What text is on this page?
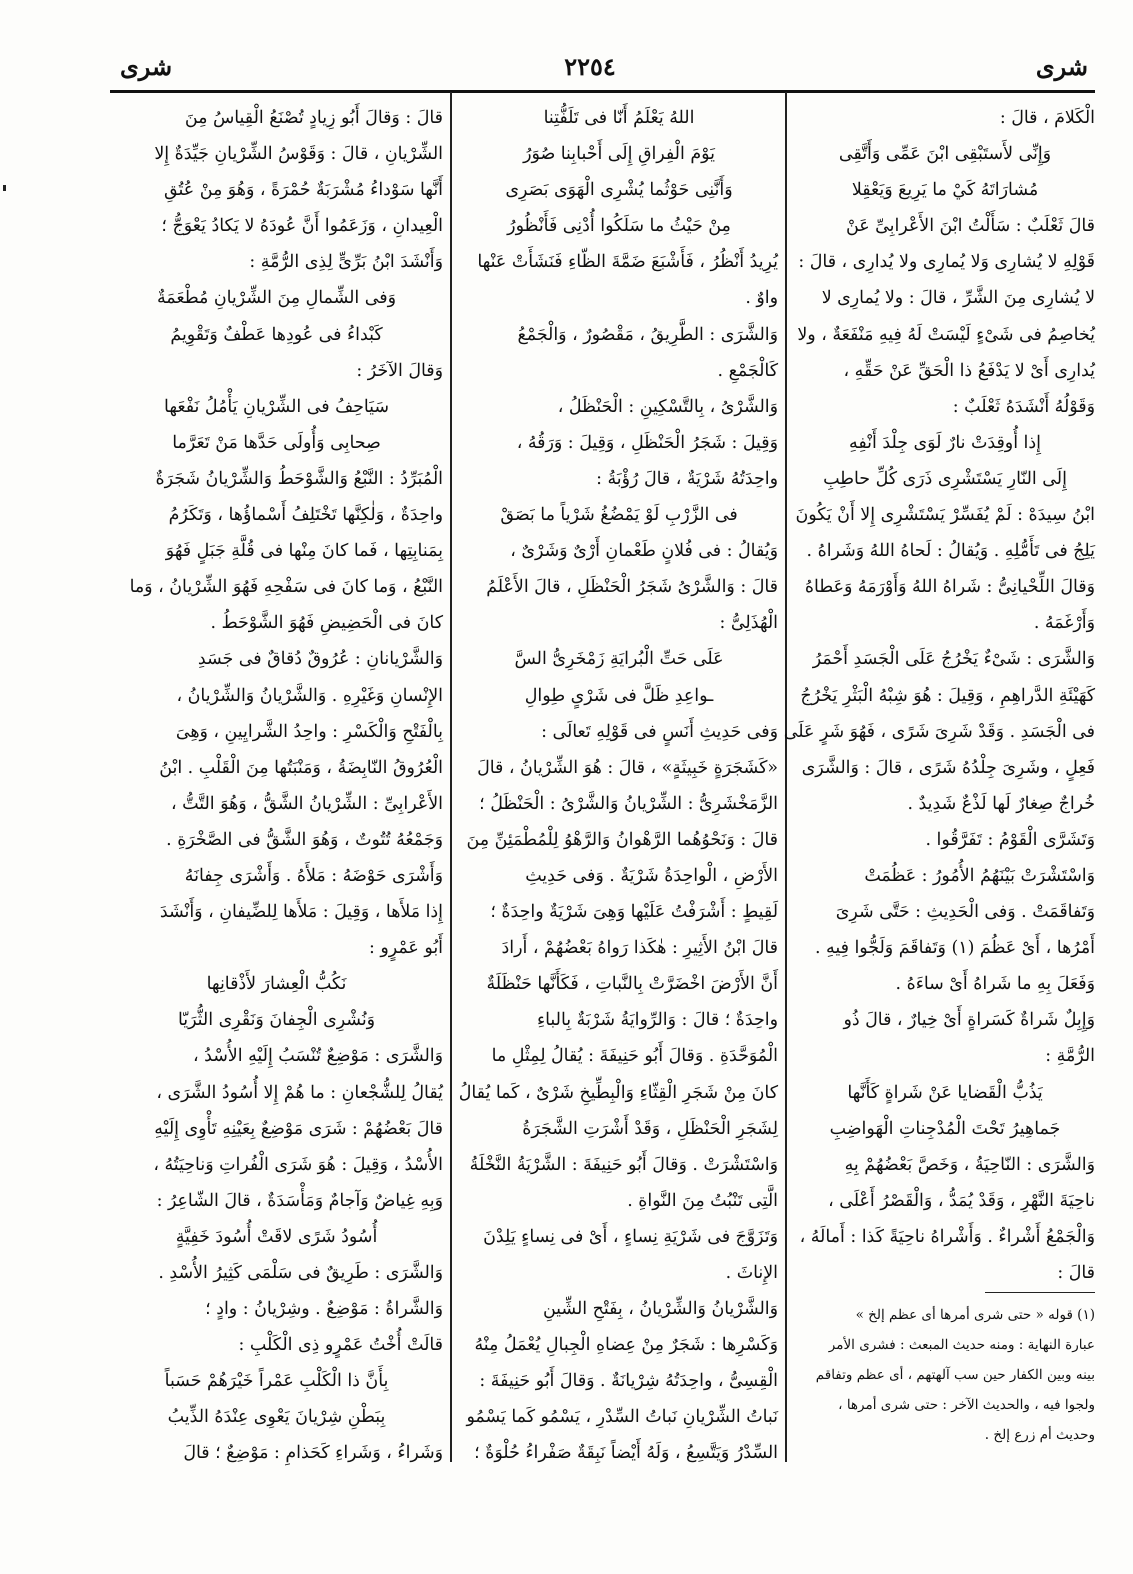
شرى
٢٢٥٤
شرى
الْكَلامَ ، قالَ :
وَإِنِّى لأَستَبْقِى ابْنَ عَمِّى وَأَتَّقِى
مُشارَاتَهُ كَيْ ما يَرِيعَ وَيَعْقِلا
قالَ ثَعْلَبٌ : سَأَلْتُ ابْنَ الأَعْرابِىِّ عَنْ
قَوْلِهِ لا يُشارِى وَلا يُمارِى ولا يُدارِى ، قالَ :
لا يُشارِى مِنَ الشَّرِّ ، قالَ : ولا يُمارِى لا
يُخاصِمُ فى شَىْءٍ لَيْسَتْ لَهُ فِيهِ مَنْفَعَةٌ ، ولا
يُدارِى أَىْ لا يَدْفَعُ ذا الْحَقِّ عَنْ حَقِّهِ ،
وَقَوْلُهُ أَنْشَدَهُ ثَعْلَبٌ :
إِذا أُوقِدَتْ نارٌ لَوَى جِلْدَ أَنْفِهِ
إِلَى النّارِ يَسْتَشْرِى ذَرَى كُلِّ حاطِبِ
ابْنُ سِيدَهْ : لَمْ يُفَسِّرْ يَسْتَشْرِى إِلا أَنْ يَكُونَ
يَلِجُ فى تَأَمُّلِهِ . وَيُقالُ : لَحاهُ اللهُ وَشَراهُ .
وَقالَ اللِّحْيانِىُّ : شَراهُ اللهُ وَأَوْرَمَهُ وَعَطاهُ
وَأَرْغَمَهُ .
وَالشَّرَى : شَىْءٌ يَخْرُجُ عَلَى الْجَسَدِ أَحْمَرُ
كَهَيْئَةِ الدَّراهِمِ ، وَقِيلَ : هُوَ شِبْهُ الْبَثْرِ يَخْرُجُ
فى الْجَسَدِ . وَقَدْ شَرِىَ شَرًى ، فَهُوَ شَرٍ عَلَى
فَعِلٍ ، وشَرِىَ جِلْدُهُ شَرًى ، قالَ : وَالشَّرَى
خُراجٌ صِغارٌ لَها لَذْعٌ شَدِيدٌ .
وَتَشَرَّى الْقَوْمُ : تَفَرَّقُوا .
وَاسْتَشْرَتْ بَيْنَهُمُ الأُمُورُ : عَظُمَتْ
وَتَفاقَمَتْ . وَفى الْحَدِيثِ : حَتَّى شَرِىَ
أَمْرُها ، أَىْ عَظُمَ (١) وَتَفاقَمَ وَلَجُّوا فِيهِ .
وَفَعَلَ بِهِ ما شَراهُ أَىْ ساءَهُ .
وَإِبِلٌ شَراةٌ كَسَراةٍ أَىْ خِيارٌ ، قالَ ذُو
الرُّمَّةِ :
يَذُبُّ الْقَضايا عَنْ شَراةٍ كَأَنَّها
جَماهِيرُ تَحْتَ الْمُدْجِناتِ الْهَواضِبِ
وَالشَّرَى : النّاحِيَةُ ، وَخَصَّ بَعْضُهُمْ بِهِ
ناحِيَةَ النَّهْرِ ، وَقَدْ يُمَدُّ ، وَالْقَصْرُ أَعْلَى ،
وَالْجَمْعُ أَشْراءٌ . وَأَشْراهُ ناحِيَةً كَذا : أَمالَهُ ،
قالَ :
اللهُ يَعْلَمُ أَنّا فى تَلَفُّتِنا
يَوْمَ الْفِراقِ إِلَى أَحْبابِنا صُوَرُ
وَأَنَّنِى حَوْثُما يُشْرِى الْهَوَى بَصَرِى
مِنْ حَيْثُ ما سَلَكُوا أُدْنِى فَأَنْظُورُ
يُرِيدُ أَنْظُرُ ، فَأَشْبَعَ ضَمَّةَ الظّاءِ فَنَشَأَتْ عَنْها
واوٌ .
وَالشَّرَى : الطَّرِيقُ ، مَقْصُورٌ ، وَالْجَمْعُ
كَالْجَمْعِ .
وَالشَّرْىُ ، بِالتَّسْكِينِ : الْحَنْظَلُ ،
وَقِيلَ : شَجَرُ الْحَنْظَلِ ، وَقِيلَ : وَرَقُهُ ،
واحِدَتُهُ شَرْيَةٌ ، قالَ رُؤْبَةُ :
فى الزَّرْبِ لَوْ يَمْضُغُ شَرْياً ما بَصَقْ
وَيُقالُ : فى فُلانٍ طَعْمانِ أَرْىٌ وَشَرْىٌ ،
قالَ : وَالشَّرْىُ شَجَرُ الْحَنْظَلِ ، قالَ الأَعْلَمُ
الْهُذَلِىُّ :
عَلَى حَتِّ الْبُرايَةِ زَمْخَرِىُّ السَّ
ـواعِدِ ظَلَّ فى شَرْىٍ طِوالِ
وَفى حَدِيثِ أَنَسٍ فى قَوْلِهِ تَعالَى :
«كَشَجَرَةٍ خَبِيثَةٍ» ، قالَ : هُوَ الشِّرْيانُ ، قالَ
الزَّمَخْشَرِىُّ : الشِّرْيانُ وَالشَّرْىُ : الْحَنْظَلُ ؛
قالَ : وَنَحْوُهُما الرَّهْوانُ وَالرَّهْوُ لِلْمُطْمَئِنِّ مِنَ
الأَرْضِ ، الْواحِدَةُ شَرْيَةٌ . وَفى حَدِيثِ
لَقِيطٍ : أَشْرَفْتُ عَلَيْها وَهِىَ شَرْيَةٌ واحِدَةٌ ؛
قالَ ابْنُ الأَثِيرِ : هٰكَذا رَواهُ بَعْضُهُمْ ، أَرادَ
أَنَّ الأَرْضَ اخْضَرَّتْ بِالنَّباتِ ، فَكَأَنَّها حَنْظَلَةٌ
واحِدَةٌ ؛ قالَ : وَالرِّوايَةُ شَرْبَةٌ بِالباءِ
الْمُوَحَّدَةِ . وَقالَ أَبُو حَنِيفَةَ : يُقالُ لِمِثْلِ ما
كانَ مِنْ شَجَرِ الْقِثّاءِ وَالْبِطِّيخِ شَرْىٌ ، كَما يُقالُ
لِشَجَرِ الْحَنْظَلِ ، وَقَدْ أَشْرَتِ الشَّجَرَةُ
وَاسْتَشْرَتْ . وَقالَ أَبُو حَنِيفَةَ : الشَّرْيَةُ النَّخْلَةُ
الَّتِى تَنْبُتُ مِنَ النَّواةِ .
وَتَزَوَّجَ فى شَرْيَةِ نِساءٍ ، أَىْ فى نِساءٍ يَلِدْنَ
الإِناثَ .
وَالشَّرْيانُ وَالشِّرْيانُ ، بِفَتْحِ الشِّينِ
وَكَسْرِها : شَجَرٌ مِنْ عِضاهِ الْجِبالِ يُعْمَلُ مِنْهُ
الْقِسِىُّ ، واحِدَتُهُ شِرْيانَةٌ . وَقالَ أَبُو حَنِيفَةَ :
نَباتُ الشِّرْيانِ نَباتُ السِّدْرِ ، يَسْمُو كَما يَسْمُو
السِّدْرُ وَيَتَّسِعُ ، وَلَهُ أَيْضاً نَبِقَةٌ صَفْراءُ حُلْوَةٌ ؛
قالَ : وَقالَ أَبُو زِيادٍ تُصْنَعُ الْقِياسُ مِنَ
الشِّرْيانِ ، قالَ : وَقَوْسُ الشِّرْيانِ جَيِّدَةٌ إِلا
أَنَّها سَوْداءُ مُشْرَبَةٌ حُمْرَةً ، وَهُوَ مِنْ عُتُقِ
الْعِيدانِ ، وَزَعَمُوا أَنَّ عُودَهُ لا يَكادُ يَعْوَجُّ ؛
وَأَنْشَدَ ابْنُ بَرِّىٍّ لِذِى الرُّمَّةِ :
وَفى الشِّمالِ مِنَ الشِّرْيانِ مُطْعَمَةٌ
كَبْداءُ فى عُودِها عَطْفٌ وَتَقْوِيمُ
وَقالَ الآخَرُ :
سَيَاحِفُ فى الشِّرْيانِ يَأْمُلُ نَفْعَها
صِحابِى وَأُولَى حَدَّها مَنْ تَعَرَّما
الْمُبَرِّدُ : النَّبْعُ وَالشَّوْحَطُ وَالشِّرْيانُ شَجَرَةٌ
واحِدَةٌ ، وَلٰكِنَّها تَخْتَلِفُ أَسْماؤُها ، وَتَكَرُمُ
بِمَنابِتِها ، فَما كانَ مِنْها فى قُلَّةِ جَبَلٍ فَهُوَ
النَّبْعُ ، وَما كانَ فى سَفْحِهِ فَهُوَ الشِّرْيانُ ، وَما
كانَ فى الْحَضِيضِ فَهُوَ الشَّوْحَطُ .
وَالشَّرْيانانِ : عُرُوقٌ دُقاقٌ فى جَسَدِ
الإِنْسانِ وَغَيْرِهِ . وَالشَّرْيانُ وَالشِّرْيانُ ،
بِالْفَتْحِ وَالْكَسْرِ : واحِدُ الشَّرايِينِ ، وَهِىَ
الْعُرُوقُ النّابِضَةُ ، وَمَنْبَتُها مِنَ الْقَلْبِ . ابْنُ
الأَعْرابِىِّ : الشِّرْيانُ الشَّقُّ ، وَهُوَ التَّتُّ ،
وَجَمْعُهُ تُتُوتٌ ، وَهُوَ الشَّقُّ فى الصَّخْرَةِ .
وَأَشْرَى حَوْضَهُ : مَلأَهُ . وَأَشْرَى جِفانَهُ
إِذا مَلأَها ، وَقِيلَ : مَلأَها لِلضِّيفانِ ، وَأَنْشَدَ
أَبُو عَمْرٍو :
نَكُبُّ الْعِشارَ لأَذْقانِها
وَنُشْرِى الْجِفانَ وَنَقْرِى الثُّرَيّا
وَالشَّرَى : مَوْضِعٌ تُنْسَبُ إِلَيْهِ الأُسْدُ ،
يُقالُ لِلشُّجْعانِ : ما هُمْ إِلا أُسُودُ الشَّرَى ،
قالَ بَعْضُهُمْ : شَرَى مَوْضِعٌ بِعَيْنِهِ تَأْوِى إِلَيْهِ
الأُسْدُ ، وَقِيلَ : هُوَ شَرَى الْفُراتِ وَناحِيَتُهُ ،
وَبِهِ غِياضٌ وَآجامٌ وَمَأْسَدَةٌ ، قالَ الشّاعِرُ :
أُسُودُ شَرًى لاقَتْ أُسُودَ خَفِيَّةٍ
وَالشَّرَى : طَرِيقٌ فى سَلْمَى كَثِيرُ الأُسْدِ .
وَالشَّراةُ : مَوْضِعٌ . وشِرْيانُ : وادٍ ؛
قالَتْ أُخْتُ عَمْرٍو ذِى الْكَلْبِ :
بِأَنَّ ذا الْكَلْبِ عَمْراً خَيْرَهُمْ حَسَباً
بِبَطْنِ شِرْيانَ يَعْوِى عِنْدَهُ الذِّيبُ
وَشَراءُ ، وَشَراءِ كَحَذامِ : مَوْضِعٌ ؛ قالَ
(١) قوله « حتى شرى أمرها أى عظم إلخ »
عبارة النهاية : ومنه حديث المبعث : فشرى الأمر
بينه وبين الكفار حين سب آلهتهم ، أى عظم وتفاقم
ولجوا فيه ، والحديث الآخر : حتى شرى أمرها ،
وحديث أم زرع إلخ .
